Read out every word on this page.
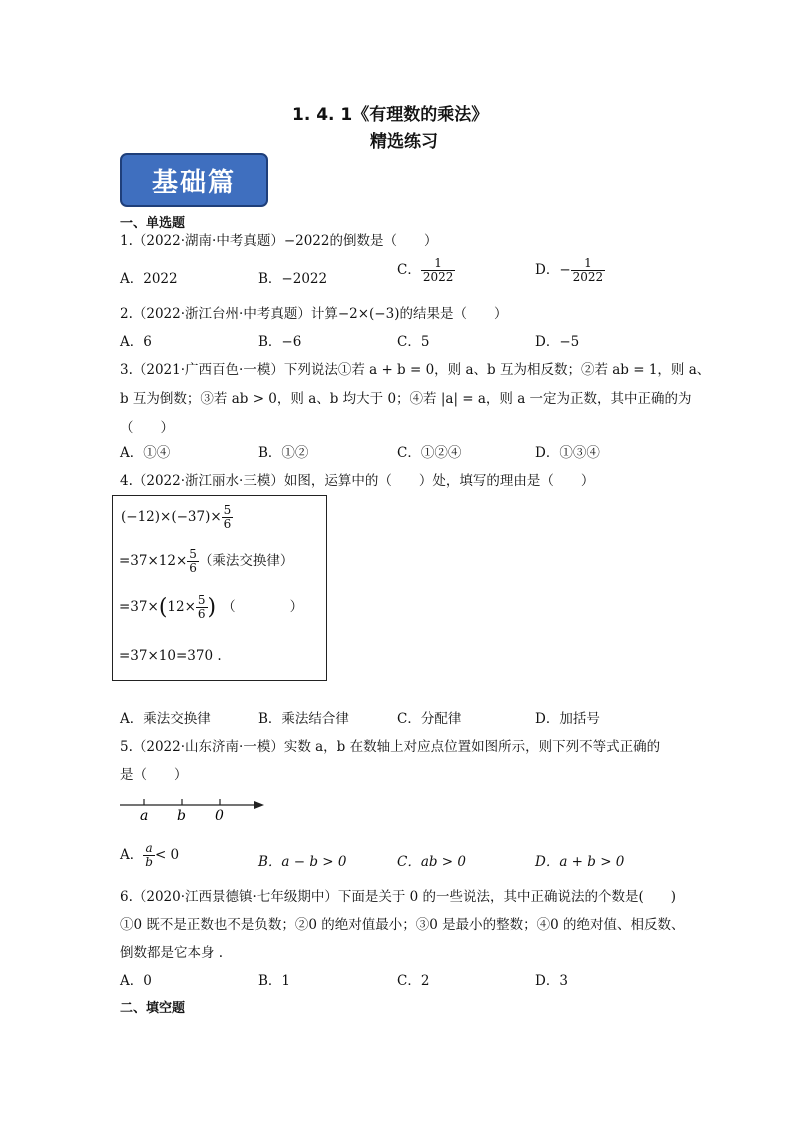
1. 4. 1《有理数的乘法》
精选练习
基础篇
一、单选题
1.（2022·湖南·中考真题）−2022的倒数是（　　）
A．2022	B．−2022
C． $\frac{1}{2022}$	D．− $\frac{1}{2022}$
2.（2022·浙江台州·中考真题）计算−2×(−3)的结果是（　　）
A．6	B．−6	C．5	D．−5
3.（2021·广西百色·一模）下列说法①若 a + b = 0，则 a、b 互为相反数；②若 ab = 1，则 a、
b 互为倒数；③若 ab > 0，则 a、b 均大于 0；④若 |a| = a，则 a 一定为正数，其中正确的为
（　　）
A．①④	B．①②	C．①②④	D．①③④
4.（2022·浙江丽水·三模）如图，运算中的（　　）处，填写的理由是（　　）
$(-12)\times(-37)\times \frac{5}{6}$
$=37\times 12\times \frac{5}{6}$ （乘法交换律）
$=37\times(12\times \frac{5}{6}$ ) （　　　　）
=37×10=370 .
A．乘法交换律	B．乘法结合律	C．分配律	D．加括号
5.（2022·山东济南·一模）实数 a，b 在数轴上对应点位置如图所示，则下列不等式正确的
是（　　）
a b 0
A． $\frac{a}{b} < 0$	B．a − b > 0	C．ab > 0	D．a + b > 0
6.（2020·江西景德镇·七年级期中）下面是关于 0 的一些说法，其中正确说法的个数是(　　)
①0 既不是正数也不是负数；②0 的绝对值最小；③0 是最小的整数；④0 的绝对值、相反数、
倒数都是它本身 .
A．0	B．1	C．2	D．3
二、填空题
